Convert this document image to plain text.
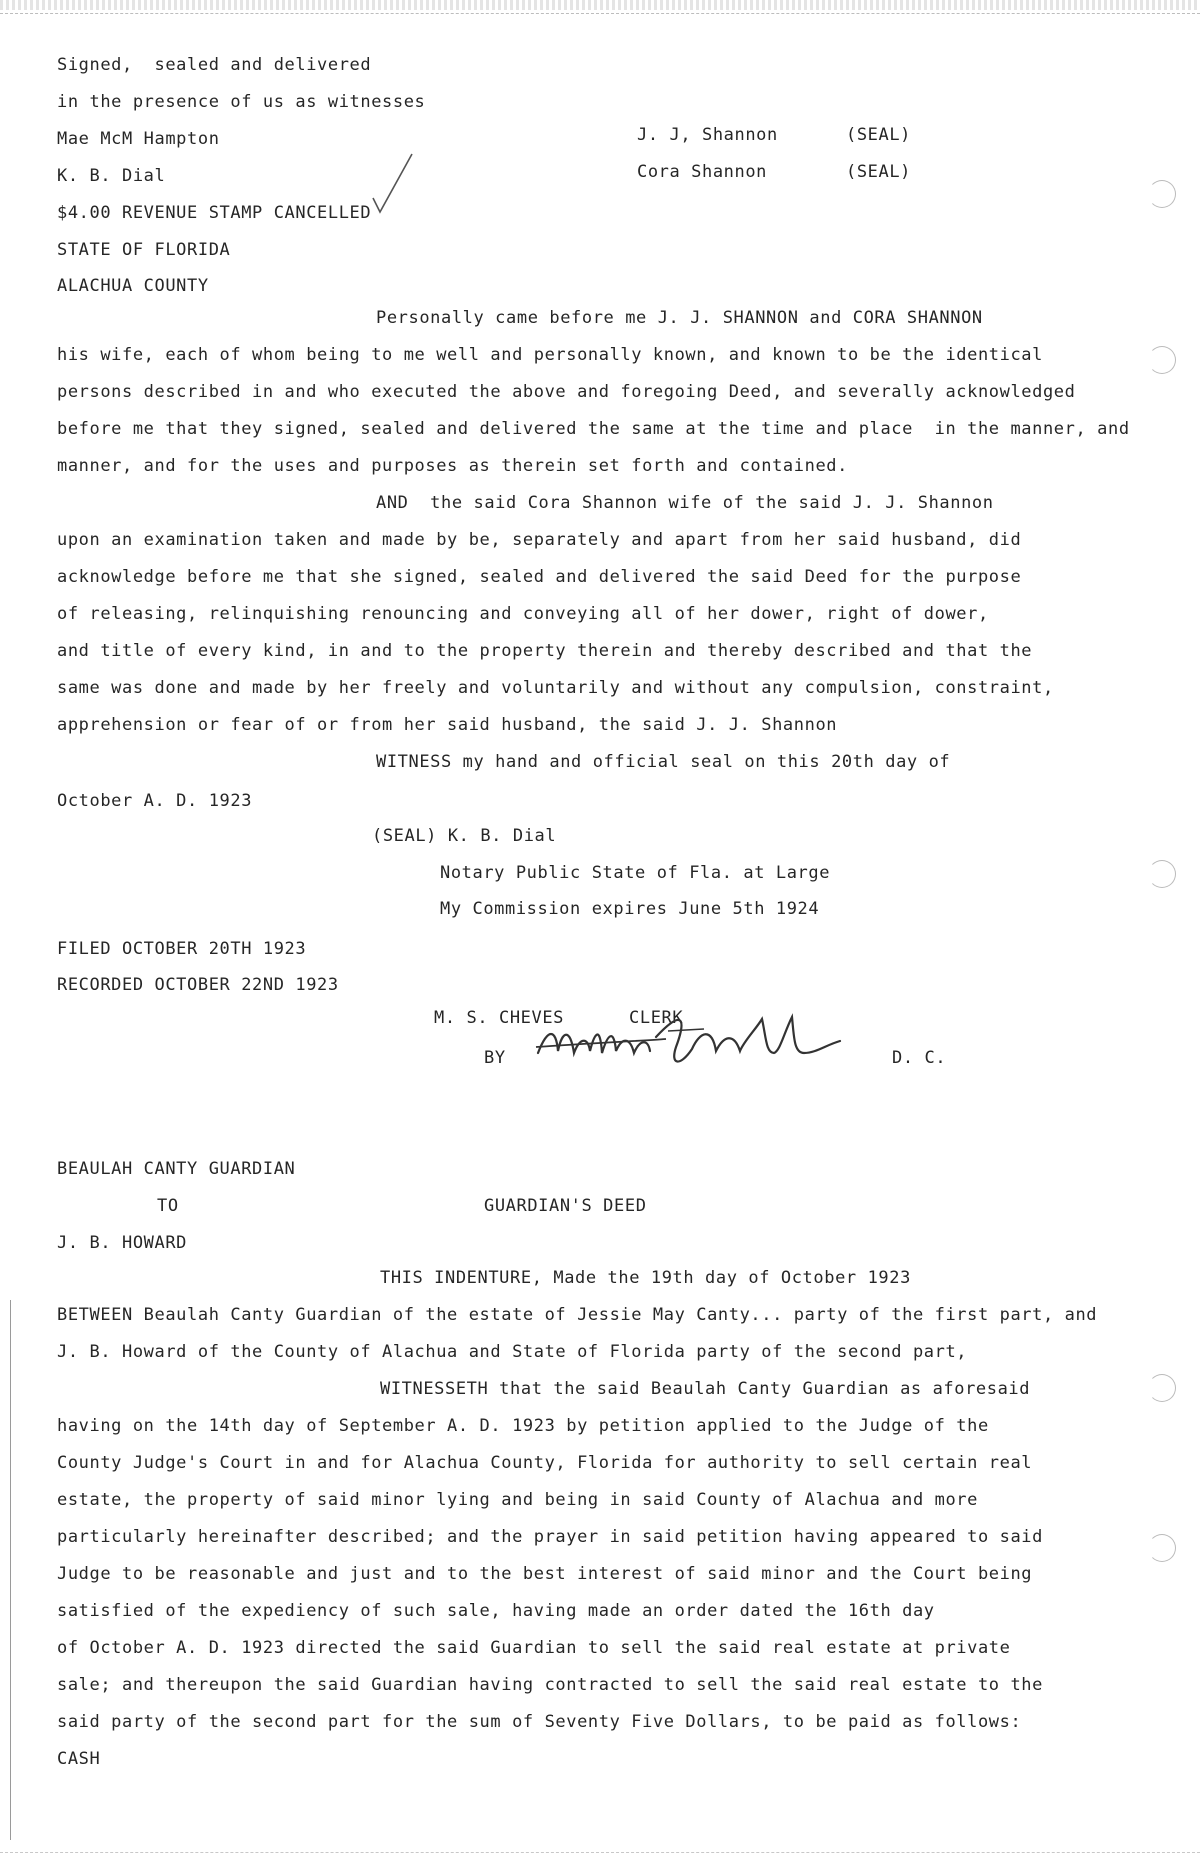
Signed,  sealed and delivered
in the presence of us as witnesses
Mae McM Hampton
K. B. Dial
J. J, Shannon	(SEAL)
Cora Shannon	(SEAL)
$4.00 REVENUE STAMP CANCELLED
STATE OF FLORIDA
ALACHUA COUNTY
Personally came before me J. J. SHANNON and CORA SHANNON
his wife, each of whom being to me well and personally known, and known to be the identical
persons described in and who executed the above and foregoing Deed, and severally acknowledged
before me that they signed, sealed and delivered the same at the time and place  in the manner, and
manner, and for the uses and purposes as therein set forth and contained.
AND  the said Cora Shannon wife of the said J. J. Shannon
upon an examination taken and made by be, separately and apart from her said husband, did
acknowledge before me that she signed, sealed and delivered the said Deed for the purpose
of releasing, relinquishing renouncing and conveying all of her dower, right of dower,
and title of every kind, in and to the property therein and thereby described and that the
same was done and made by her freely and voluntarily and without any compulsion, constraint,
apprehension or fear of or from her said husband, the said J. J. Shannon
WITNESS my hand and official seal on this 20th day of
October A. D. 1923
(SEAL) K. B. Dial
Notary Public State of Fla. at Large
My Commission expires June 5th 1924
FILED OCTOBER 20TH 1923
RECORDED OCTOBER 22ND 1923
M. S. CHEVES      CLERK
BY	D. C.
BEAULAH CANTY GUARDIAN
TO	GUARDIAN'S DEED
J. B. HOWARD
THIS INDENTURE, Made the 19th day of October 1923
BETWEEN Beaulah Canty Guardian of the estate of Jessie May Canty... party of the first part, and
J. B. Howard of the County of Alachua and State of Florida party of the second part,
WITNESSETH that the said Beaulah Canty Guardian as aforesaid
having on the 14th day of September A. D. 1923 by petition applied to the Judge of the
County Judge's Court in and for Alachua County, Florida for authority to sell certain real
estate, the property of said minor lying and being in said County of Alachua and more
particularly hereinafter described; and the prayer in said petition having appeared to said
Judge to be reasonable and just and to the best interest of said minor and the Court being
satisfied of the expediency of such sale, having made an order dated the 16th day
of October A. D. 1923 directed the said Guardian to sell the said real estate at private
sale; and thereupon the said Guardian having contracted to sell the said real estate to the
said party of the second part for the sum of Seventy Five Dollars, to be paid as follows:
CASH
